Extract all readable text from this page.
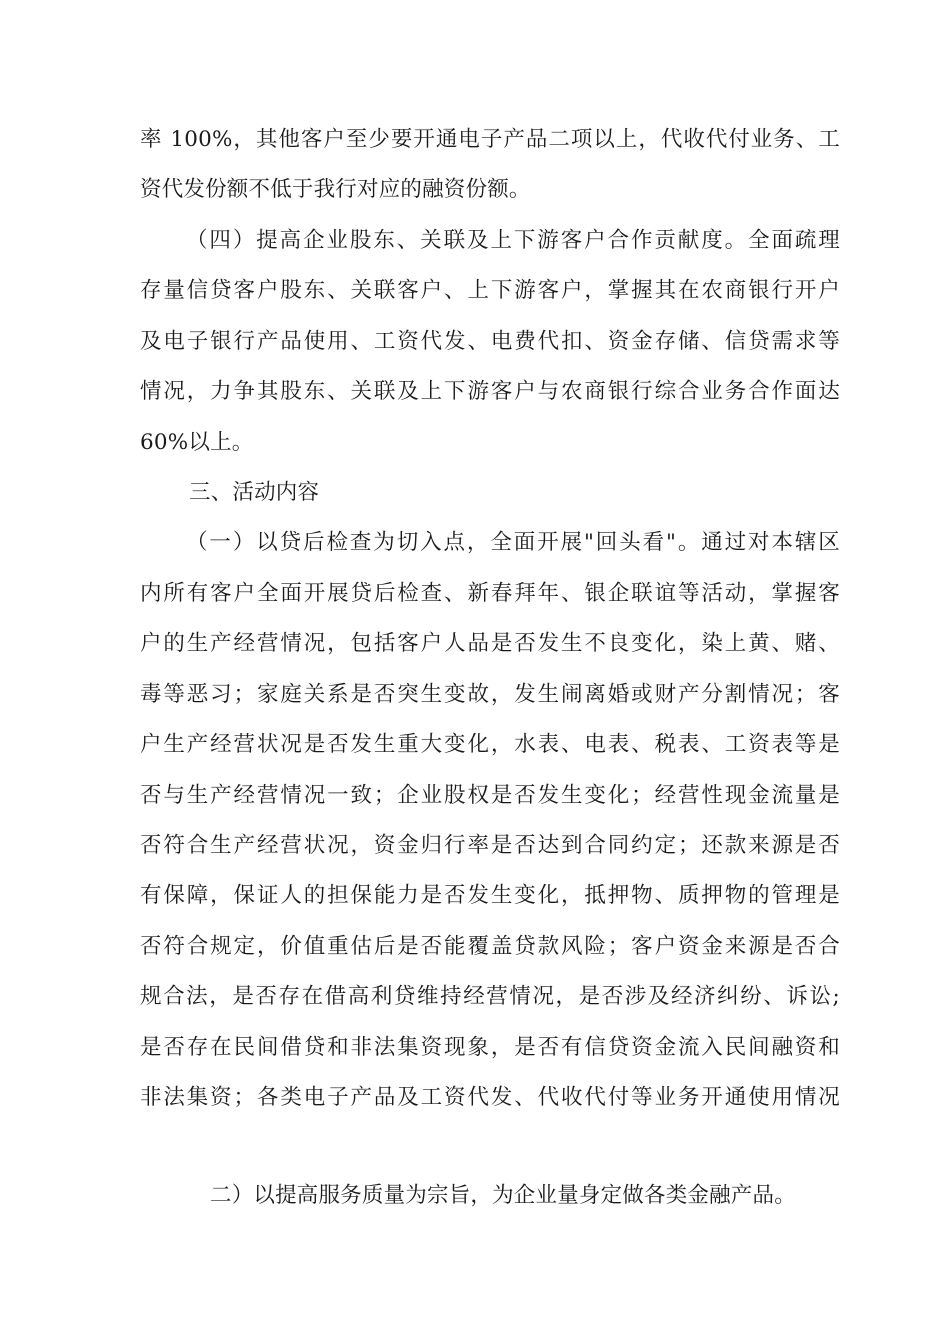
率 100%，其他客户至少要开通电子产品二项以上，代收代付业务、工
资代发份额不低于我行对应的融资份额。
（四）提高企业股东、关联及上下游客户合作贡献度。全面疏理
存量信贷客户股东、关联客户、上下游客户，掌握其在农商银行开户
及电子银行产品使用、工资代发、电费代扣、资金存储、信贷需求等
情况，力争其股东、关联及上下游客户与农商银行综合业务合作面达
60%以上。
三、活动内容
（一）以贷后检查为切入点，全面开展"回头看"。通过对本辖区
内所有客户全面开展贷后检查、新春拜年、银企联谊等活动，掌握客
户的生产经营情况，包括客户人品是否发生不良变化，染上黄、赌、
毒等恶习；家庭关系是否突生变故，发生闹离婚或财产分割情况；客
户生产经营状况是否发生重大变化，水表、电表、税表、工资表等是
否与生产经营情况一致；企业股权是否发生变化；经营性现金流量是
否符合生产经营状况，资金归行率是否达到合同约定；还款来源是否
有保障，保证人的担保能力是否发生变化，抵押物、质押物的管理是
否符合规定，价值重估后是否能覆盖贷款风险；客户资金来源是否合
规合法，是否存在借高利贷维持经营情况，是否涉及经济纠纷、诉讼;
是否存在民间借贷和非法集资现象，是否有信贷资金流入民间融资和
非法集资；各类电子产品及工资代发、代收代付等业务开通使用情况
二）以提高服务质量为宗旨，为企业量身定做各类金融产品。
